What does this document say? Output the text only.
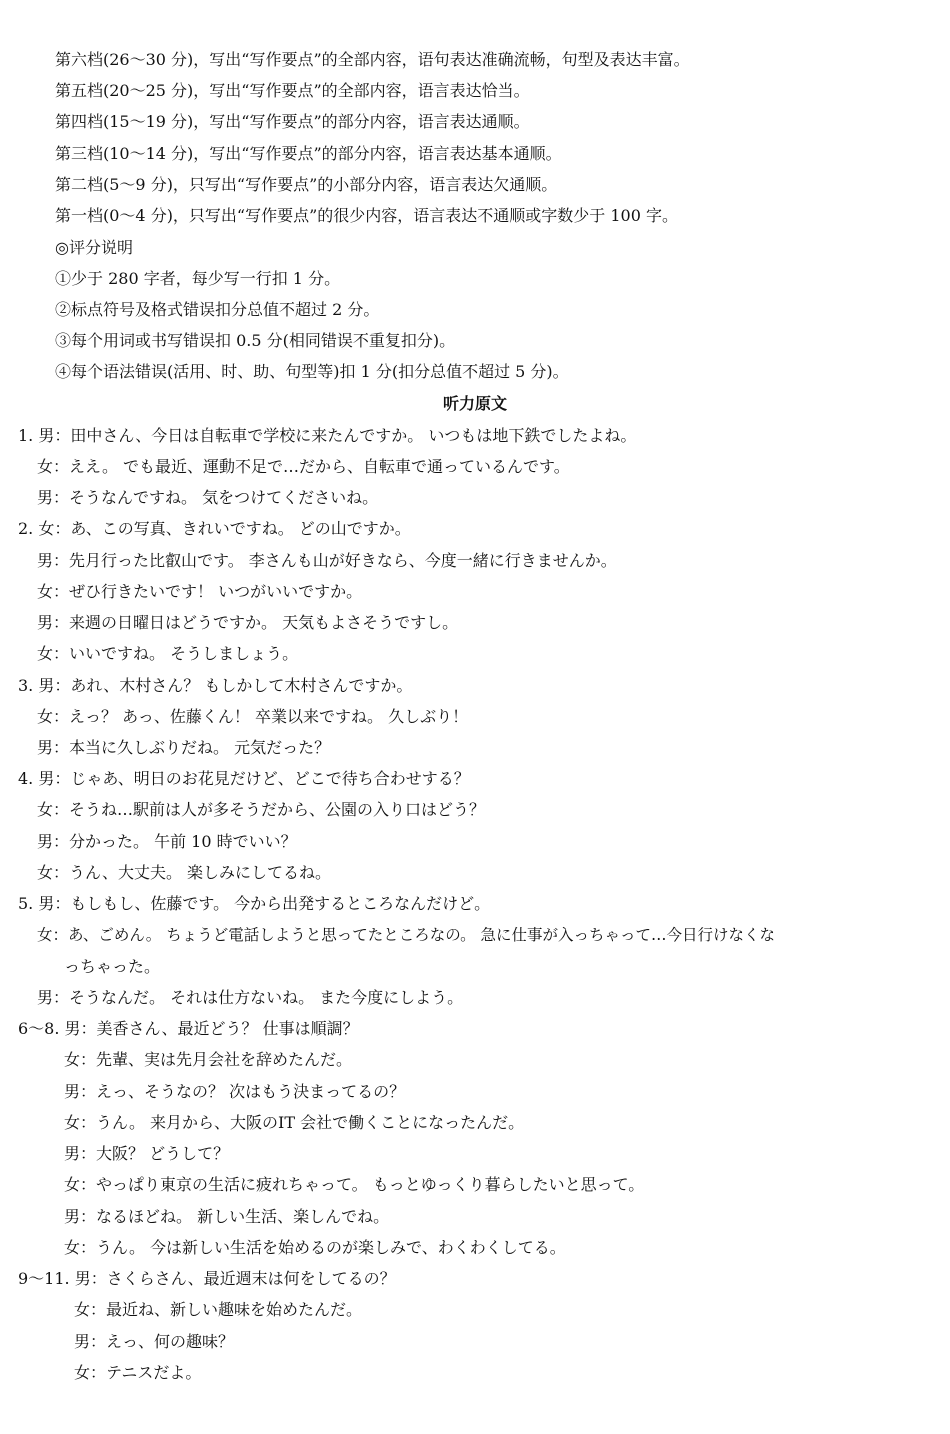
第六档(26～30 分)，写出“写作要点”的全部内容，语句表达准确流畅，句型及表达丰富。
第五档(20～25 分)，写出“写作要点”的全部内容，语言表达恰当。
第四档(15～19 分)，写出“写作要点”的部分内容，语言表达通顺。
第三档(10～14 分)，写出“写作要点”的部分内容，语言表达基本通顺。
第二档(5～9 分)，只写出“写作要点”的小部分内容，语言表达欠通顺。
第一档(0～4 分)，只写出“写作要点”的很少内容，语言表达不通顺或字数少于 100 字。
◎评分说明
①少于 280 字者，每少写一行扣 1 分。
②标点符号及格式错误扣分总值不超过 2 分。
③每个用词或书写错误扣 0.5 分(相同错误不重复扣分)。
④每个语法错误(活用、时、助、句型等)扣 1 分(扣分总值不超过 5 分)。
听力原文
1. 男：田中さん、今日は自転車で学校に来たんですか。 いつもは地下鉄でしたよね。
女：ええ。 でも最近、運動不足で…だから、自転車で通っているんです。
男：そうなんですね。 気をつけてくださいね。
2. 女：あ、この写真、きれいですね。 どの山ですか。
男：先月行った比叡山です。 李さんも山が好きなら、今度一緒に行きませんか。
女：ぜひ行きたいです！ いつがいいですか。
男：来週の日曜日はどうですか。 天気もよさそうですし。
女：いいですね。 そうしましょう。
3. 男：あれ、木村さん？ もしかして木村さんですか。
女：えっ？ あっ、佐藤くん！ 卒業以来ですね。 久しぶり！
男：本当に久しぶりだね。 元気だった？
4. 男：じゃあ、明日のお花見だけど、どこで待ち合わせする？
女：そうね…駅前は人が多そうだから、公園の入り口はどう？
男：分かった。 午前 10 時でいい？
女：うん、大丈夫。 楽しみにしてるね。
5. 男：もしもし、佐藤です。 今から出発するところなんだけど。
女：あ、ごめん。 ちょうど電話しようと思ってたところなの。 急に仕事が入っちゃって…今日行けなくな
っちゃった。
男：そうなんだ。 それは仕方ないね。 また今度にしよう。
6～8. 男：美香さん、最近どう？ 仕事は順調？
女：先輩、実は先月会社を辞めたんだ。
男：えっ、そうなの？ 次はもう決まってるの？
女：うん。 来月から、大阪のIT 会社で働くことになったんだ。
男：大阪？ どうして？
女：やっぱり東京の生活に疲れちゃって。 もっとゆっくり暮らしたいと思って。
男：なるほどね。 新しい生活、楽しんでね。
女：うん。 今は新しい生活を始めるのが楽しみで、わくわくしてる。
9～11. 男：さくらさん、最近週末は何をしてるの？
女：最近ね、新しい趣味を始めたんだ。
男：えっ、何の趣味？
女：テニスだよ。
